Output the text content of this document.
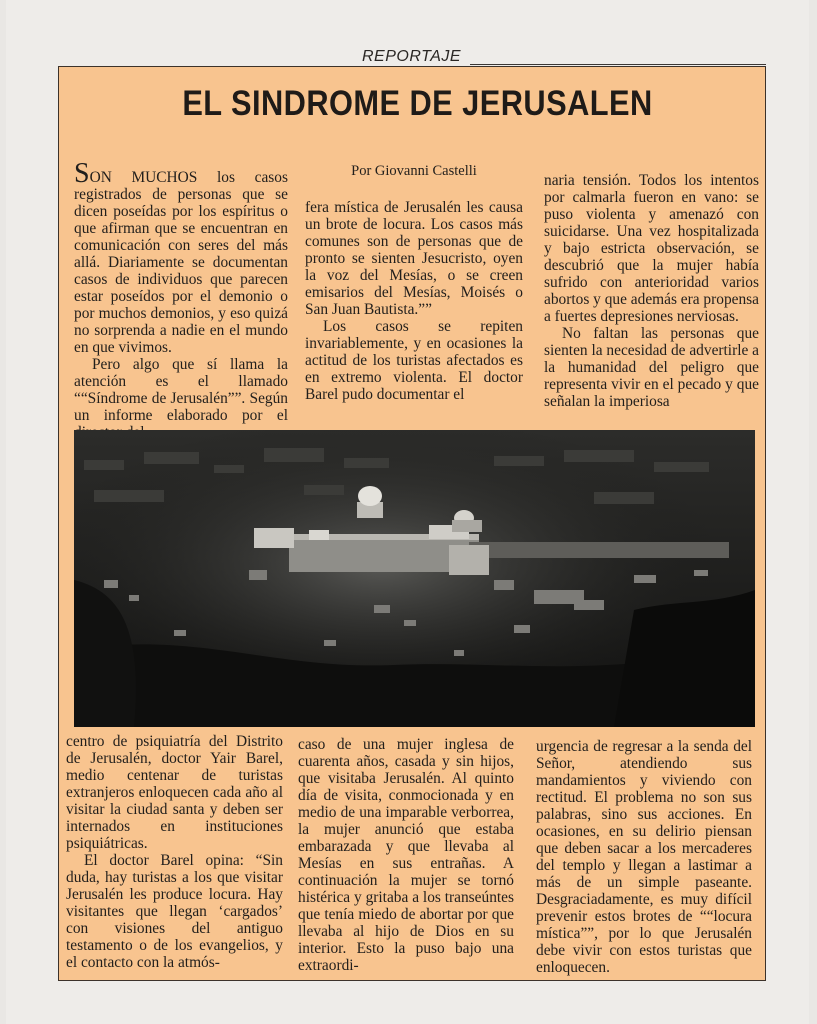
REPORTAJE
EL SINDROME DE JERUSALEN

SON MUCHOS los casos registrados de personas que se dicen poseídas por los espíritus o que afirman que se encuentran en comunicación con seres del más allá. Diariamente se documentan casos de individuos que parecen estar poseídos por el demonio o por muchos demonios, y eso quizá no sorprenda a nadie en el mundo en que vivimos.

Pero algo que sí llama la atención es el llamado ““Síndrome de Jerusalén””. Según un informe elaborado por el

Por Giovanni Castelli

fera mística de Jerusalén les causa un brote de locura. Los casos más comunes son de personas que de pronto se sienten Jesucristo, oyen la voz del Mesías, o se creen emisarios del Mesías, Moisés o San Juan Bautista.””

Los casos se repiten invariablemente, y en ocasiones la actitud de los turistas afectados es en extremo violenta. El doctor Barel pudo documentar el

naria tensión. Todos los intentos por calmarla fueron en vano: se puso violenta y amenazó con suicidarse. Una vez hospitalizada y bajo estricta observación, se descubrió que la mujer había sufrido con anterioridad varios abortos y que además era propensa a fuertes depresiones nerviosas.

No faltan las personas que sienten la necesidad de advertirle a la humanidad del peligro que representa vivir en el pecado y que señalan la imperiosa

centro de psiquiatría del Distrito de Jerusalén, doctor Yair Barel, medio centenar de turistas extranjeros enloquecen cada año al visitar la ciudad santa y deben ser internados en instituciones psiquiátricas.

El doctor Barel opina: “Sin duda, hay turistas a los que visitar Jerusalén les produce locura. Hay visitantes que llegan ‘cargados’ con visiones del antiguo testamento o de los evangelios, y el contacto con la atmós-

caso de una mujer inglesa de cuarenta años, casada y sin hijos, que visitaba Jerusalén. Al quinto día de visita, conmocionada y en medio de una imparable verborrea, la mujer anunció que estaba embarazada y que llevaba al Mesías en sus entrañas. A continuación la mujer se tornó histérica y gritaba a los transeúntes que tenía miedo de abortar por que llevaba al hijo de Dios en su interior. Esto la puso bajo una extraordi-

urgencia de regresar a la senda del Señor, atendiendo sus mandamientos y viviendo con rectitud. El problema no son sus palabras, sino sus acciones. En ocasiones, en su delirio piensan que deben sacar a los mercaderes del templo y llegan a lastimar a más de un simple paseante. Desgraciadamente, es muy difícil prevenir estos brotes de ““locura mística””, por lo que Jerusalén debe vivir con estos turistas que enloquecen.
